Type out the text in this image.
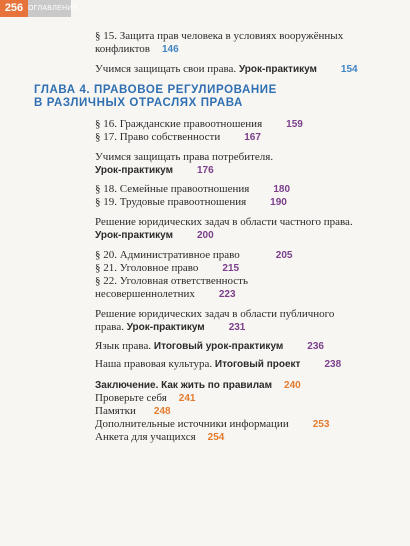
256 ОГЛАВЛЕНИЕ
§ 15. Защита прав человека в условиях вооружённых
конфликтов 146
Учимся защищать свои права. Урок-практикум 154
ГЛАВА 4. ПРАВОВОЕ РЕГУЛИРОВАНИЕ
В РАЗЛИЧНЫХ ОТРАСЛЯХ ПРАВА
§ 16. Гражданские правоотношения 159
§ 17. Право собственности 167
Учимся защищать права потребителя.
Урок-практикум 176
§ 18. Семейные правоотношения 180
§ 19. Трудовые правоотношения 190
Решение юридических задач в области частного права.
Урок-практикум 200
§ 20. Административное право	205
§ 21. Уголовное право 215
§ 22. Уголовная ответственность
несовершеннолетних 223
Решение юридических задач в области публичного
права. Урок-практикум 231
Язык права. Итоговый урок-практикум 236
Наша правовая культура. Итоговый проект 238
Заключение. Как жить по правилам 240
Проверьте себя 241
Памятки 248
Дополнительные источники информации 253
Анкета для учащихся 254
